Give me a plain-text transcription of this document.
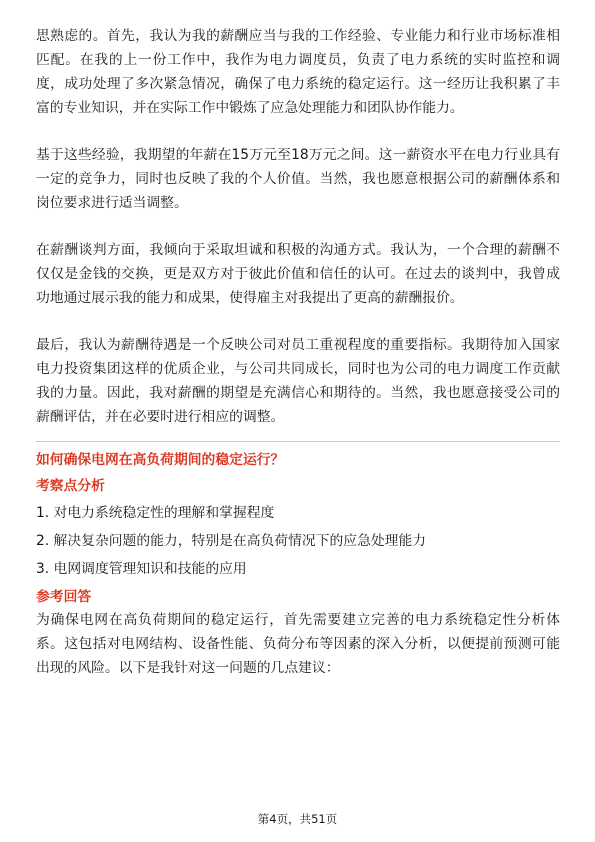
思熟虑的。首先，我认为我的薪酬应当与我的工作经验、专业能力和行业市场标准相匹配。在我的上一份工作中，我作为电力调度员，负责了电力系统的实时监控和调度，成功处理了多次紧急情况，确保了电力系统的稳定运行。这一经历让我积累了丰富的专业知识，并在实际工作中锻炼了应急处理能力和团队协作能力。

基于这些经验，我期望的年薪在15万元至18万元之间。这一薪资水平在电力行业具有一定的竞争力，同时也反映了我的个人价值。当然，我也愿意根据公司的薪酬体系和岗位要求进行适当调整。

在薪酬谈判方面，我倾向于采取坦诚和积极的沟通方式。我认为，一个合理的薪酬不仅仅是金钱的交换，更是双方对于彼此价值和信任的认可。在过去的谈判中，我曾成功地通过展示我的能力和成果，使得雇主对我提出了更高的薪酬报价。

最后，我认为薪酬待遇是一个反映公司对员工重视程度的重要指标。我期待加入国家电力投资集团这样的优质企业，与公司共同成长，同时也为公司的电力调度工作贡献我的力量。因此，我对薪酬的期望是充满信心和期待的。当然，我也愿意接受公司的薪酬评估，并在必要时进行相应的调整。

如何确保电网在高负荷期间的稳定运行？

考察点分析

1. 对电力系统稳定性的理解和掌握程度
2. 解决复杂问题的能力，特别是在高负荷情况下的应急处理能力
3. 电网调度管理知识和技能的应用

参考回答

为确保电网在高负荷期间的稳定运行，首先需要建立完善的电力系统稳定性分析体系。这包括对电网结构、设备性能、负荷分布等因素的深入分析，以便提前预测可能出现的风险。以下是我针对这一问题的几点建议：

第4页，共51页
